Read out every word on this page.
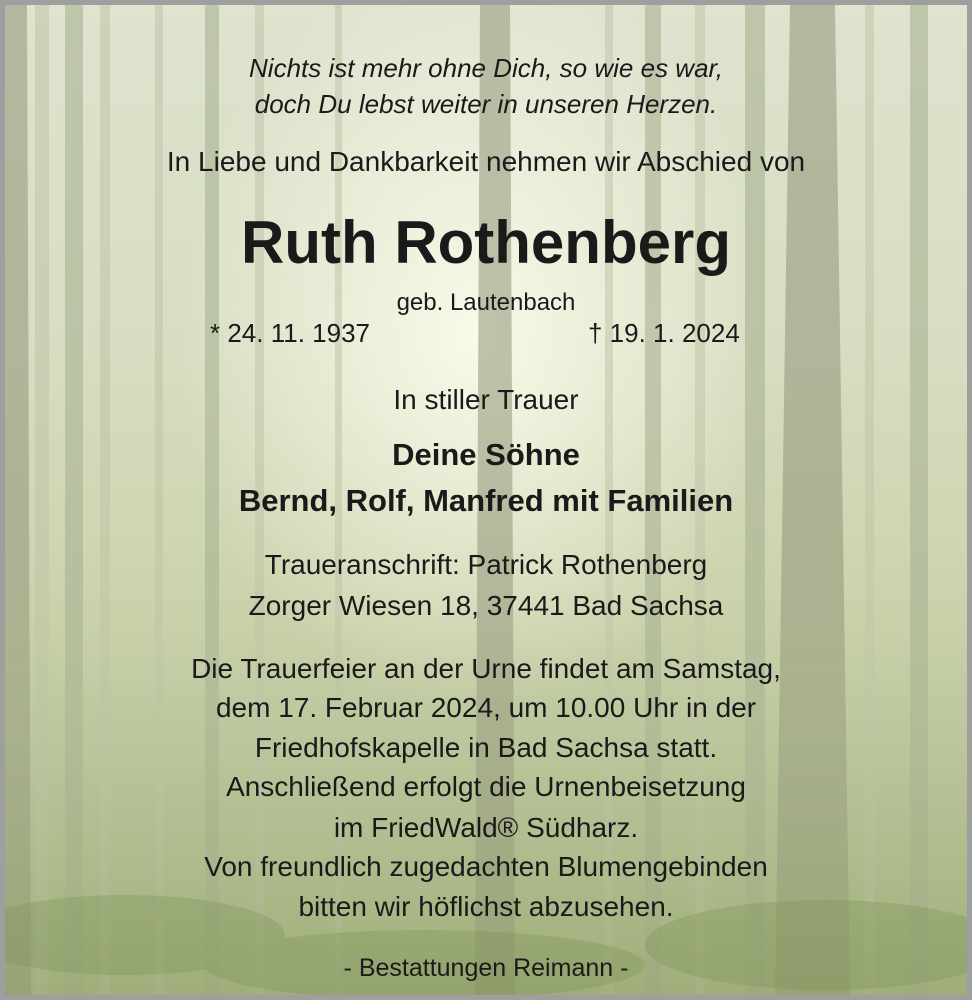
Nichts ist mehr ohne Dich, so wie es war,
doch Du lebst weiter in unseren Herzen.
In Liebe und Dankbarkeit nehmen wir Abschied von
Ruth Rothenberg
geb. Lautenbach
* 24. 11. 1937	† 19. 1. 2024
In stiller Trauer
Deine Söhne
Bernd, Rolf, Manfred mit Familien
Traueranschrift: Patrick Rothenberg
Zorger Wiesen 18, 37441 Bad Sachsa
Die Trauerfeier an der Urne findet am Samstag,
dem 17. Februar 2024, um 10.00 Uhr in der
Friedhofskapelle in Bad Sachsa statt.
Anschließend erfolgt die Urnenbeisetzung
im FriedWald® Südharz.
Von freundlich zugedachten Blumengebinden
bitten wir höflichst abzusehen.
- Bestattungen Reimann -
